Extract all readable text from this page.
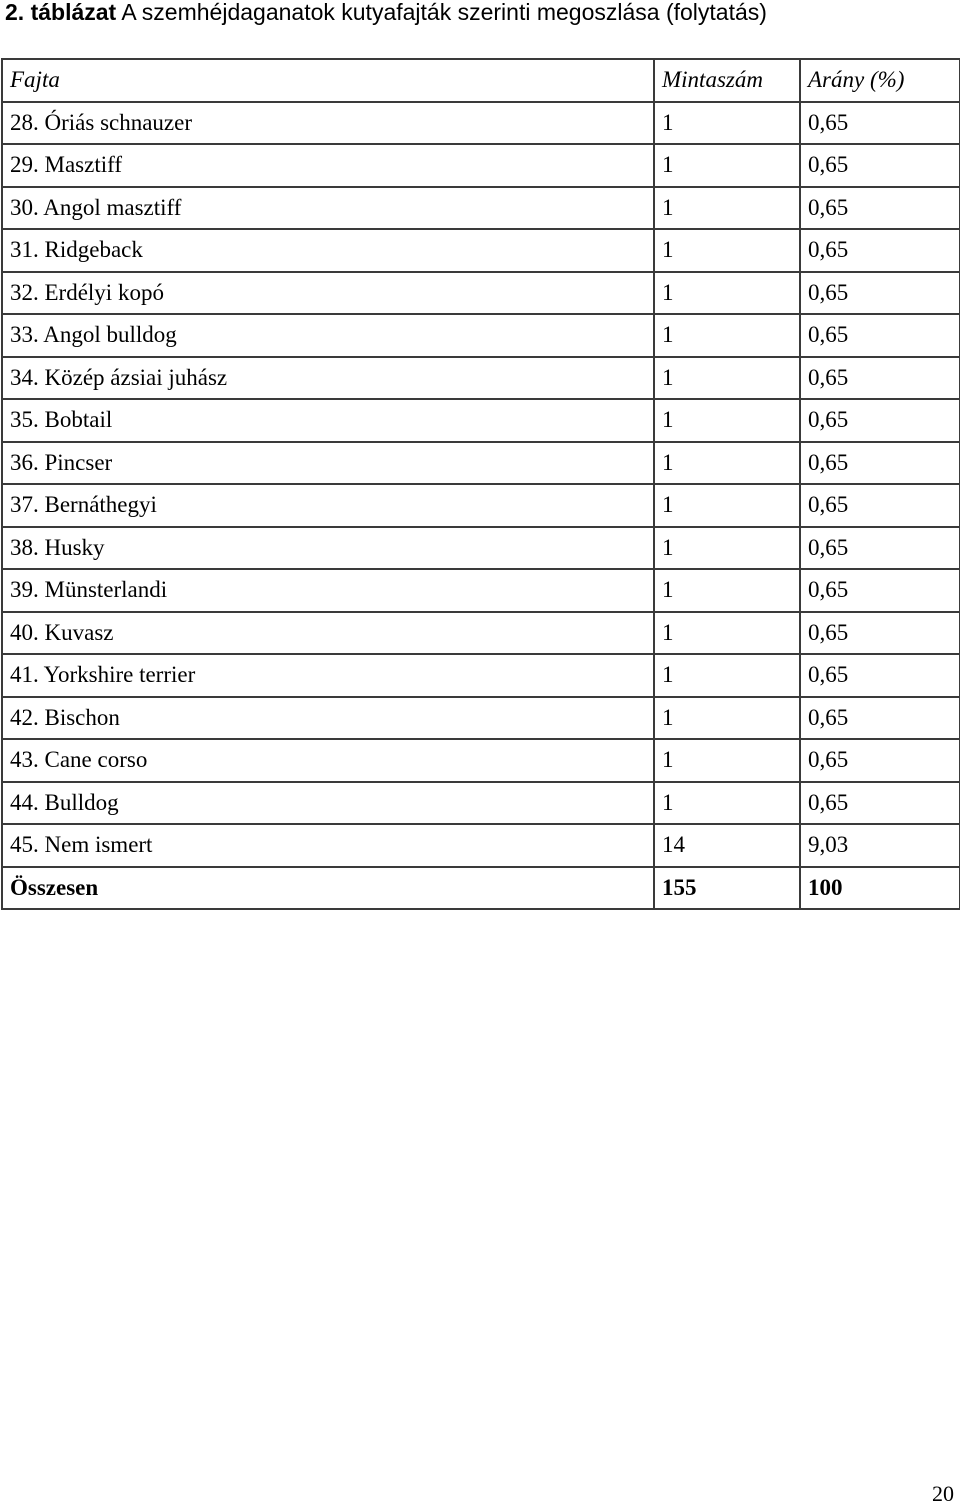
2. táblázat A szemhéjdaganatok kutyafajták szerinti megoszlása (folytatás)
Fajta	Mintaszám	Arány (%)
28. Óriás schnauzer	1	0,65
29. Masztiff	1	0,65
30. Angol masztiff	1	0,65
31. Ridgeback	1	0,65
32. Erdélyi kopó	1	0,65
33. Angol bulldog	1	0,65
34. Közép ázsiai juhász	1	0,65
35. Bobtail	1	0,65
36. Pincser	1	0,65
37. Bernáthegyi	1	0,65
38. Husky	1	0,65
39. Münsterlandi	1	0,65
40. Kuvasz	1	0,65
41. Yorkshire terrier	1	0,65
42. Bischon	1	0,65
43. Cane corso	1	0,65
44. Bulldog	1	0,65
45. Nem ismert	14	9,03
Összesen	155	100
20
